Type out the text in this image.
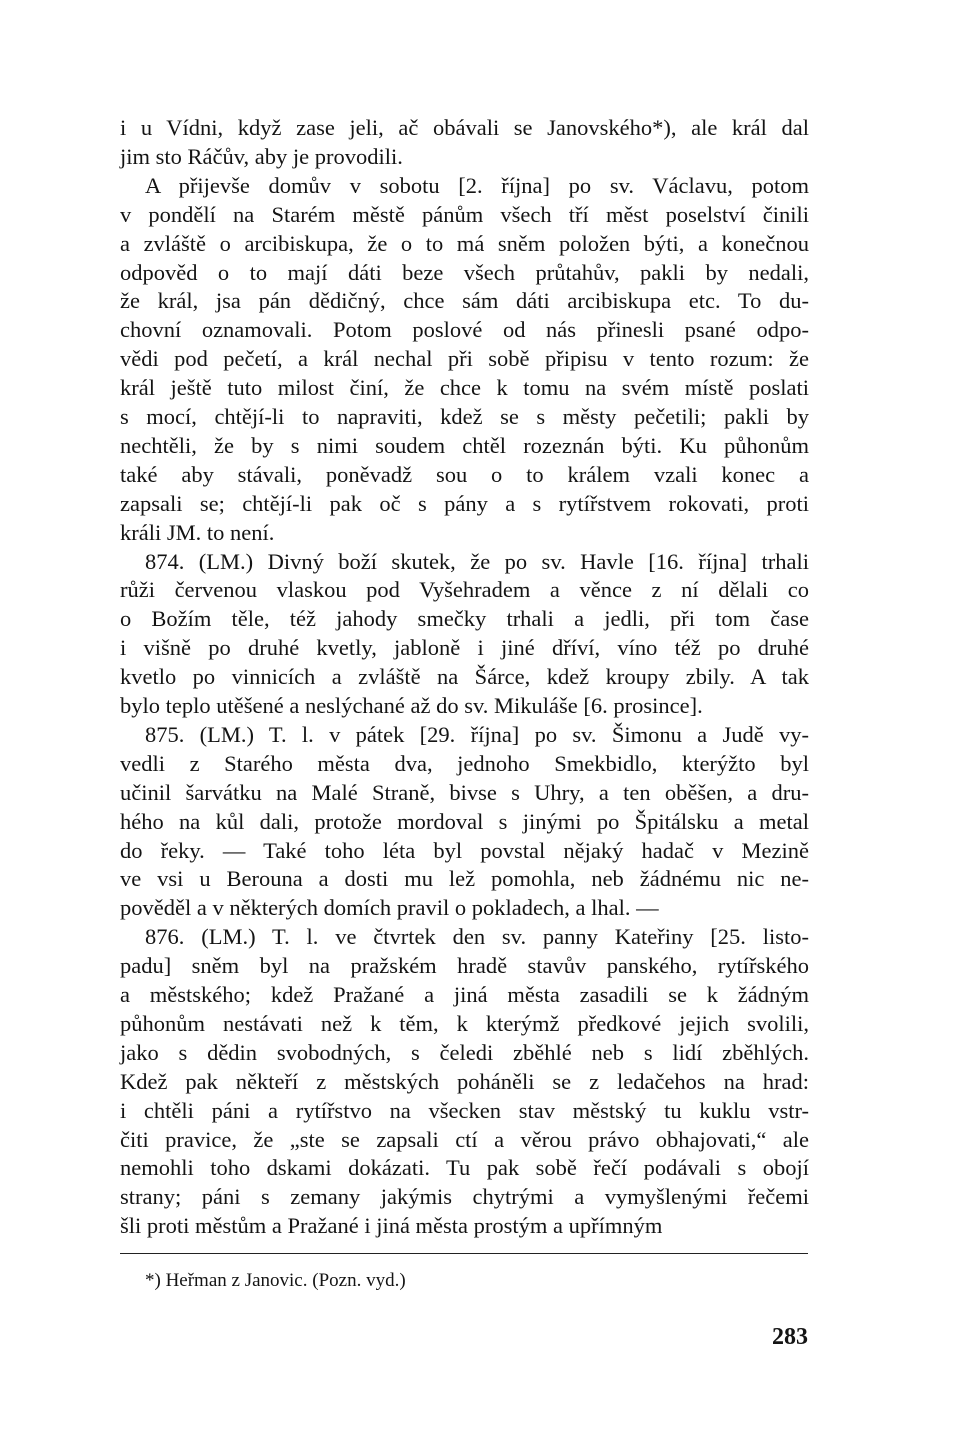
i u Vídni, když zase jeli, ač obávali se Janovského*), ale král dal
jim sto Ráčův, aby je provodili.
A přijevše domův v sobotu [2. října] po sv. Václavu, potom
v pondělí na Starém městě pánům všech tří měst poselství činili
a zvláště o arcibiskupa, že o to má sněm položen býti, a konečnou
odpověd o to mají dáti beze všech průtahův, pakli by nedali,
že král, jsa pán dědičný, chce sám dáti arcibiskupa etc. To du-
chovní oznamovali. Potom poslové od nás přinesli psané odpo-
vědi pod pečetí, a král nechal při sobě připisu v tento rozum: že
král ještě tuto milost činí, že chce k tomu na svém místě poslati
s mocí, chtějí-li to napraviti, kdež se s městy pečetili; pakli by
nechtěli, že by s nimi soudem chtěl rozeznán býti. Ku půhonům
také aby stávali, poněvadž sou o to králem vzali konec a
zapsali se; chtějí-li pak oč s pány a s rytířstvem rokovati, proti
králi JM. to není.
874. (LM.) Divný boží skutek, že po sv. Havle [16. října] trhali
růži červenou vlaskou pod Vyšehradem a věnce z ní dělali co
o Božím těle, též jahody smečky trhali a jedli, při tom čase
i višně po druhé kvetly, jabloně i jiné dříví, víno též po druhé
kvetlo po vinnicích a zvláště na Šárce, kdež kroupy zbily. A tak
bylo teplo utěšené a neslýchané až do sv. Mikuláše [6. prosince].
875. (LM.) T. l. v pátek [29. října] po sv. Šimonu a Judě vy-
vedli z Starého města dva, jednoho Smekbidlo, kterýžto byl
učinil šarvátku na Malé Straně, bivse s Uhry, a ten oběšen, a dru-
hého na kůl dali, protože mordoval s jinými po Špitálsku a metal
do řeky. — Také toho léta byl povstal nějaký hadač v Mezině
ve vsi u Berouna a dosti mu lež pomohla, neb žádnému nic ne-
pověděl a v některých domích pravil o pokladech, a lhal. —
876. (LM.) T. l. ve čtvrtek den sv. panny Kateřiny [25. listo-
padu] sněm byl na pražském hradě stavův panského, rytířského
a městského; kdež Pražané a jiná města zasadili se k žádným
půhonům nestávati než k těm, k kterýmž předkové jejich svolili,
jako s dědin svobodných, s čeledi zběhlé neb s lidí zběhlých.
Kdež pak někteří z městských poháněli se z ledačehos na hrad:
i chtěli páni a rytířstvo na všecken stav městský tu kuklu vstr-
čiti pravice, že „ste se zapsali ctí a věrou právo obhajovati,“ ale
nemohli toho dskami dokázati. Tu pak sobě řečí podávali s obojí
strany; páni s zemany jakýmis chytrými a vymyšlenými řečemi
šli proti městům a Pražané i jiná města prostým a upřímným
*) Heřman z Janovic. (Pozn. vyd.)
283
